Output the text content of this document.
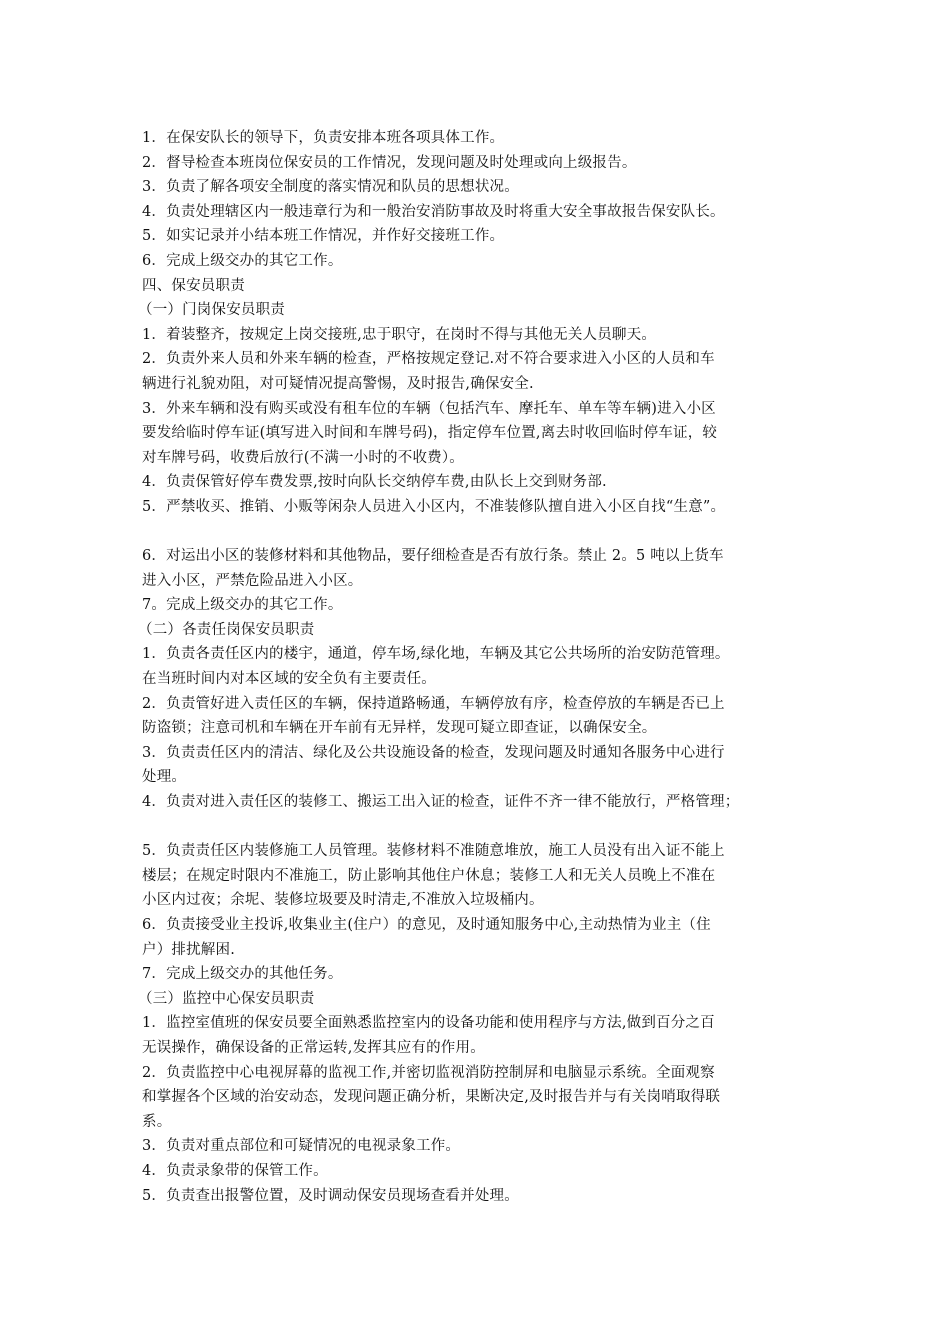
1．在保安队长的领导下，负责安排本班各项具体工作。
2．督导检查本班岗位保安员的工作情况，发现问题及时处理或向上级报告。
3．负责了解各项安全制度的落实情况和队员的思想状况。
4．负责处理辖区内一般违章行为和一般治安消防事故及时将重大安全事故报告保安队长。
5．如实记录并小结本班工作情况，并作好交接班工作。
6．完成上级交办的其它工作。
四、保安员职责
（一）门岗保安员职责
1．着装整齐，按规定上岗交接班,忠于职守，在岗时不得与其他无关人员聊天。
2．负责外来人员和外来车辆的检查，严格按规定登记.对不符合要求进入小区的人员和车
辆进行礼貌劝阻，对可疑情况提高警惕，及时报告,确保安全.
3．外来车辆和没有购买或没有租车位的车辆（包括汽车、摩托车、单车等车辆)进入小区
要发给临时停车证(填写进入时间和车牌号码)，指定停车位置,离去时收回临时停车证，较
对车牌号码，收费后放行(不满一小时的不收费）。
4．负责保管好停车费发票,按时向队长交纳停车费,由队长上交到财务部.
5．严禁收买、推销、小贩等闲杂人员进入小区内，不准装修队擅自进入小区自找“生意”。
6．对运出小区的装修材料和其他物品，要仔细检查是否有放行条。禁止 2。5 吨以上货车
进入小区，严禁危险品进入小区。
7。完成上级交办的其它工作。
（二）各责任岗保安员职责
1．负责各责任区内的楼宇，通道，停车场,绿化地，车辆及其它公共场所的治安防范管理。
在当班时间内对本区域的安全负有主要责任。
2．负责管好进入责任区的车辆，保持道路畅通，车辆停放有序，检查停放的车辆是否已上
防盗锁；注意司机和车辆在开车前有无异样，发现可疑立即查证，以确保安全。
3．负责责任区内的清洁、绿化及公共设施设备的检查，发现问题及时通知各服务中心进行
处理。
4．负责对进入责任区的装修工、搬运工出入证的检查，证件不齐一律不能放行，严格管理；
5．负责责任区内装修施工人员管理。装修材料不准随意堆放，施工人员没有出入证不能上
楼层；在规定时限内不准施工，防止影响其他住户休息；装修工人和无关人员晚上不准在
小区内过夜；余坭、装修垃圾要及时清走,不准放入垃圾桶内。
6．负责接受业主投诉,收集业主(住户）的意见，及时通知服务中心,主动热情为业主（住
户）排扰解困.
7．完成上级交办的其他任务。
（三）监控中心保安员职责
1．监控室值班的保安员要全面熟悉监控室内的设备功能和使用程序与方法,做到百分之百
无误操作，确保设备的正常运转,发挥其应有的作用。
2．负责监控中心电视屏幕的监视工作,并密切监视消防控制屏和电脑显示系统。全面观察
和掌握各个区域的治安动态，发现问题正确分析，果断决定,及时报告并与有关岗哨取得联
系。
3．负责对重点部位和可疑情况的电视录象工作。
4．负责录象带的保管工作。
5．负责查出报警位置，及时调动保安员现场查看并处理。
